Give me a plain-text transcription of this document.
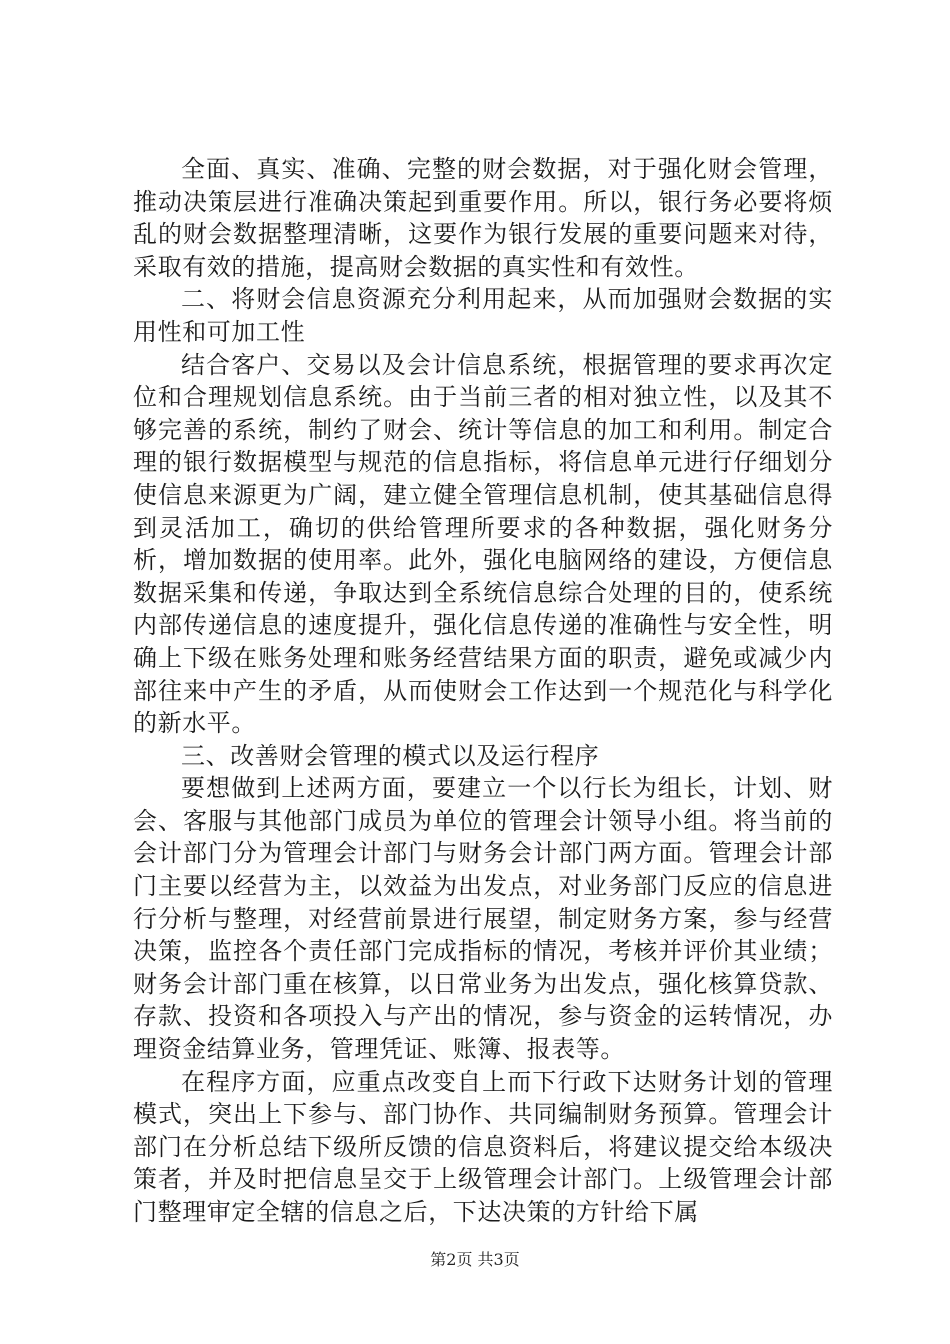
全面、真实、准确、完整的财会数据，对于强化财会管理，推动决策层进行准确决策起到重要作用。所以，银行务必要将烦乱的财会数据整理清晰，这要作为银行发展的重要问题来对待，采取有效的措施，提高财会数据的真实性和有效性。

二、将财会信息资源充分利用起来，从而加强财会数据的实用性和可加工性

结合客户、交易以及会计信息系统，根据管理的要求再次定位和合理规划信息系统。由于当前三者的相对独立性，以及其不够完善的系统，制约了财会、统计等信息的加工和利用。制定合理的银行数据模型与规范的信息指标，将信息单元进行仔细划分使信息来源更为广阔，建立健全管理信息机制，使其基础信息得到灵活加工，确切的供给管理所要求的各种数据，强化财务分析，增加数据的使用率。此外，强化电脑网络的建设，方便信息数据采集和传递，争取达到全系统信息综合处理的目的，使系统内部传递信息的速度提升，强化信息传递的准确性与安全性，明确上下级在账务处理和账务经营结果方面的职责，避免或减少内部往来中产生的矛盾，从而使财会工作达到一个规范化与科学化的新水平。

三、改善财会管理的模式以及运行程序

要想做到上述两方面，要建立一个以行长为组长，计划、财会、客服与其他部门成员为单位的管理会计领导小组。将当前的会计部门分为管理会计部门与财务会计部门两方面。管理会计部门主要以经营为主，以效益为出发点，对业务部门反应的信息进行分析与整理，对经营前景进行展望，制定财务方案，参与经营决策，监控各个责任部门完成指标的情况，考核并评价其业绩；财务会计部门重在核算，以日常业务为出发点，强化核算贷款、存款、投资和各项投入与产出的情况，参与资金的运转情况，办理资金结算业务，管理凭证、账簿、报表等。

在程序方面，应重点改变自上而下行政下达财务计划的管理模式，突出上下参与、部门协作、共同编制财务预算。管理会计部门在分析总结下级所反馈的信息资料后，将建议提交给本级决策者，并及时把信息呈交于上级管理会计部门。上级管理会计部门整理审定全辖的信息之后，下达决策的方针给下属

第2页 共3页
